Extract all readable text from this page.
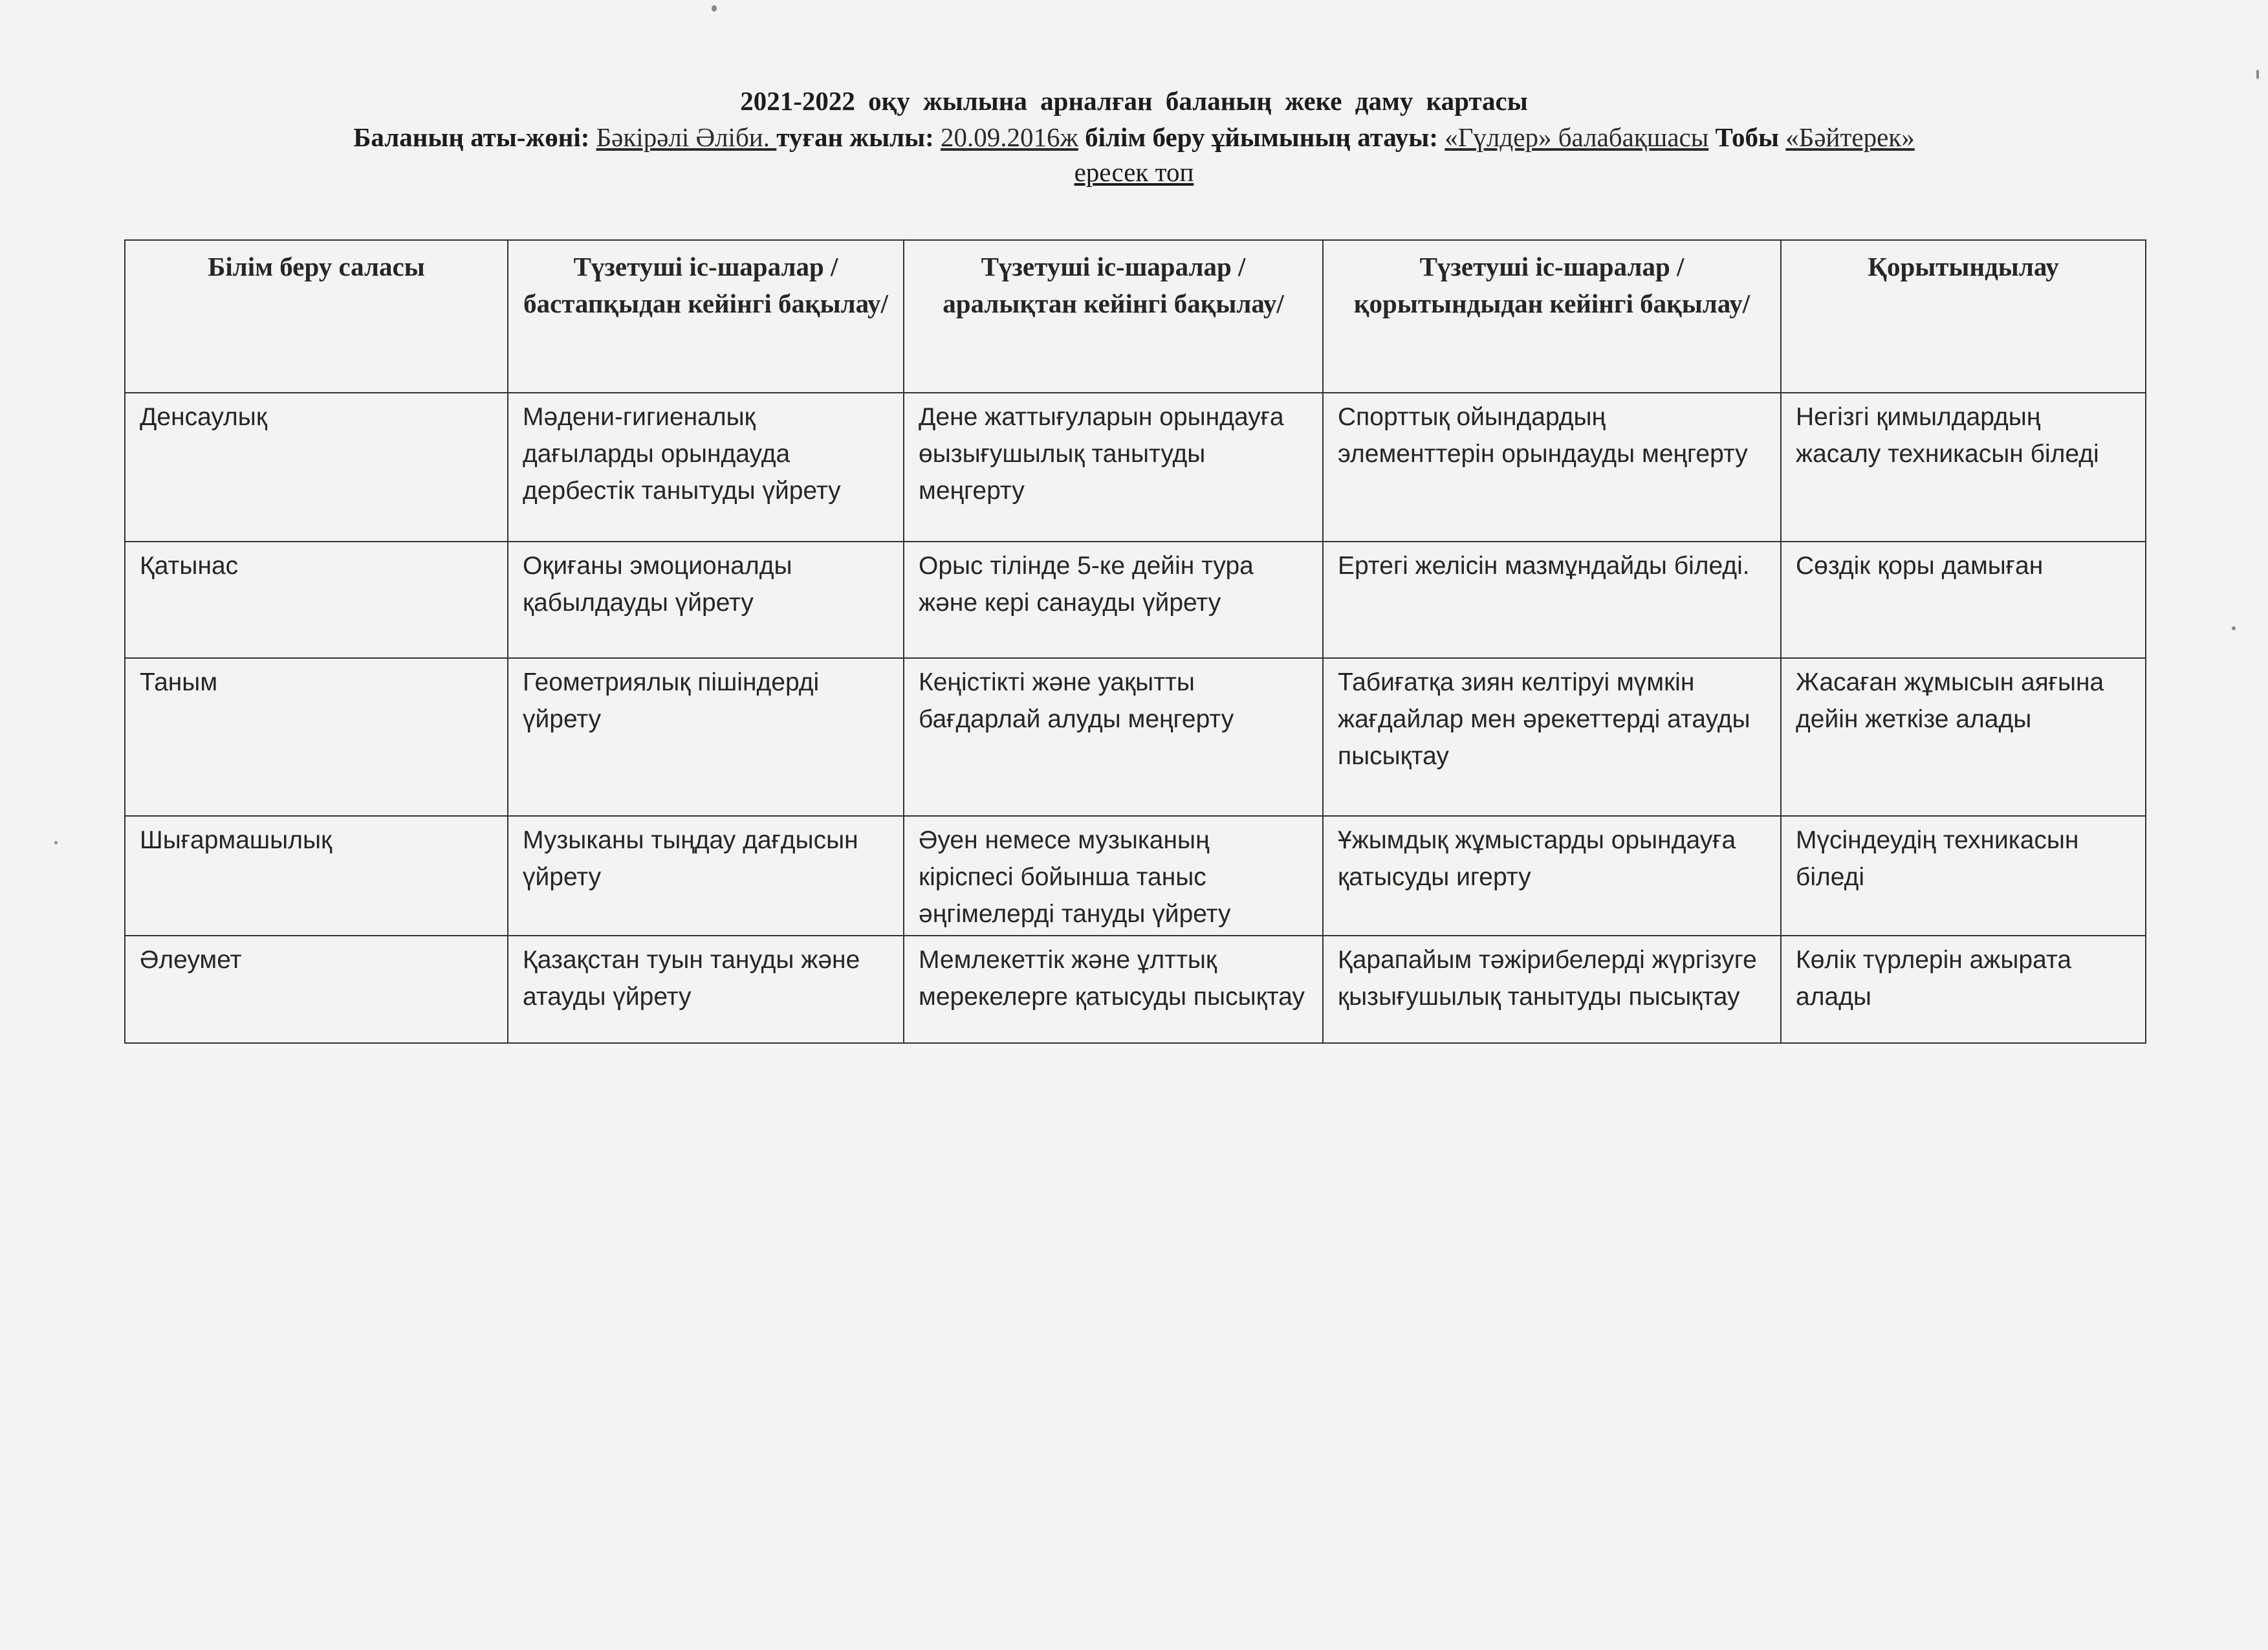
2021-2022 оқу жылына арналған баланың жеке даму картасы
Баланың аты-жөні: Бәкірәлі Әліби. туған жылы: 20.09.2016ж білім беру ұйымының атауы: «Гүлдер» балабақшасы Тобы «Бәйтерек»
ересек топ
Білім беру саласы	Түзетуші іс-шаралар /бастапқыдан кейінгі бақылау/	Түзетуші іс-шаралар / аралықтан кейінгі бақылау/	Түзетуші іс-шаралар / қорытындыдан кейінгі бақылау/	Қорытындылау
Денсаулық	Мәдени-гигиеналық дағыларды орындауда дербестік танытуды үйрету	Дене жаттығуларын орындауға өызығушылық танытуды меңгерту	Спорттық ойындардың элементтерін орындауды меңгерту	Негізгі қимылдардың жасалу техникасын біледі
Қатынас	Оқиғаны эмоционалды қабылдауды үйрету	Орыс тілінде 5-ке дейін тура және кері санауды үйрету	Ертегі желісін мазмұндайды біледі.	Сөздік қоры дамыған
Таным	Геометриялық пішіндерді үйрету	Кеңістікті және уақытты бағдарлай алуды меңгерту	Табиғатқа зиян келтіруі мүмкін жағдайлар мен әрекеттерді атауды пысықтау	Жасаған жұмысын аяғына дейін жеткізе алады
Шығармашылық	Музыканы тыңдау дағдысын үйрету	Әуен немесе музыканың кіріспесі бойынша таныс әңгімелерді тануды үйрету	Ұжымдық жұмыстарды орындауға қатысуды игерту	Мүсіндеудің техникасын біледі
Әлеумет	Қазақстан туын тануды және атауды үйрету	Мемлекеттік және ұлттық мерекелерге қатысуды пысықтау	Қарапайым тәжірибелерді жүргізуге қызығушылық танытуды пысықтау	Көлік түрлерін ажырата алады
